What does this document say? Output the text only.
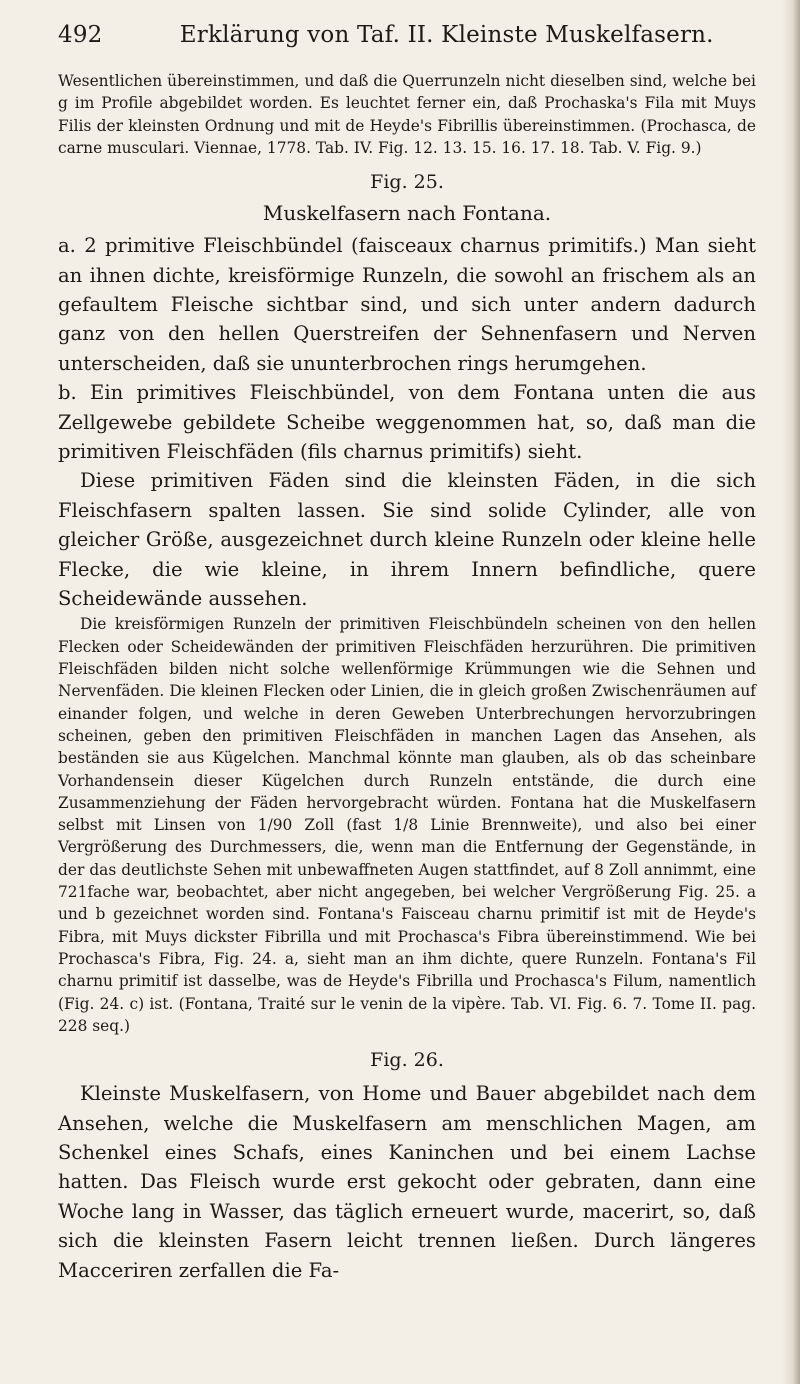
492	Erklärung von Taf. II. Kleinste Muskelfasern.

Wesentlichen übereinstimmen, und daß die Querrunzeln nicht dieselben sind, welche bei g im Profile abgebildet worden. Es leuchtet ferner ein, daß Prochaska's Fila mit Muys Filis der kleinsten Ordnung und mit de Heyde's Fibrillis übereinstimmen. (Prochasca, de carne musculari. Viennae, 1778. Tab. IV. Fig. 12. 13. 15. 16. 17. 18. Tab. V. Fig. 9.)

Fig. 25.
Muskelfasern nach Fontana.

a. 2 primitive Fleischbündel (faisceaux charnus primitifs.) Man sieht an ihnen dichte, kreisförmige Runzeln, die sowohl an frischem als an gefaultem Fleische sichtbar sind, und sich unter andern dadurch ganz von den hellen Querstreifen der Sehnenfasern und Nerven unterscheiden, daß sie ununterbrochen rings herumgehen.

b. Ein primitives Fleischbündel, von dem Fontana unten die aus Zellgewebe gebildete Scheibe weggenommen hat, so, daß man die primitiven Fleischfäden (fils charnus primitifs) sieht.

Diese primitiven Fäden sind die kleinsten Fäden, in die sich Fleischfasern spalten lassen. Sie sind solide Cylinder, alle von gleicher Größe, ausgezeichnet durch kleine Runzeln oder kleine helle Flecke, die wie kleine, in ihrem Innern befindliche, quere Scheidewände aussehen.

Die kreisförmigen Runzeln der primitiven Fleischbündeln scheinen von den hellen Flecken oder Scheidewänden der primitiven Fleischfäden herzurühren. Die primitiven Fleischfäden bilden nicht solche wellenförmige Krümmungen wie die Sehnen und Nervenfäden. Die kleinen Flecken oder Linien, die in gleich großen Zwischenräumen auf einander folgen, und welche in deren Geweben Unterbrechungen hervorzubringen scheinen, geben den primitiven Fleischfäden in manchen Lagen das Ansehen, als beständen sie aus Kügelchen. Manchmal könnte man glauben, als ob das scheinbare Vorhandensein dieser Kügelchen durch Runzeln entstände, die durch eine Zusammenziehung der Fäden hervorgebracht würden. Fontana hat die Muskelfasern selbst mit Linsen von 1/90 Zoll (fast 1/8 Linie Brennweite), und also bei einer Vergrößerung des Durchmessers, die, wenn man die Entfernung der Gegenstände, in der das deutlichste Sehen mit unbewaffneten Augen stattfindet, auf 8 Zoll annimmt, eine 721fache war, beobachtet, aber nicht angegeben, bei welcher Vergrößerung Fig. 25. a und b gezeichnet worden sind. Fontana's Faisceau charnu primitif ist mit de Heyde's Fibra, mit Muys dickster Fibrilla und mit Prochasca's Fibra übereinstimmend. Wie bei Prochasca's Fibra, Fig. 24. a, sieht man an ihm dichte, quere Runzeln. Fontana's Fil charnu primitif ist dasselbe, was de Heyde's Fibrilla und Prochasca's Filum, namentlich (Fig. 24. c) ist. (Fontana, Traité sur le venin de la vipère. Tab. VI. Fig. 6. 7. Tome II. pag. 228 seq.)

Fig. 26.

Kleinste Muskelfasern, von Home und Bauer abgebildet nach dem Ansehen, welche die Muskelfasern am menschlichen Magen, am Schenkel eines Schafs, eines Kaninchen und bei einem Lachse hatten. Das Fleisch wurde erst gekocht oder gebraten, dann eine Woche lang in Wasser, das täglich erneuert wurde, macerirt, so, daß sich die kleinsten Fasern leicht trennen ließen. Durch längeres Macceriren zerfallen die Fa-
